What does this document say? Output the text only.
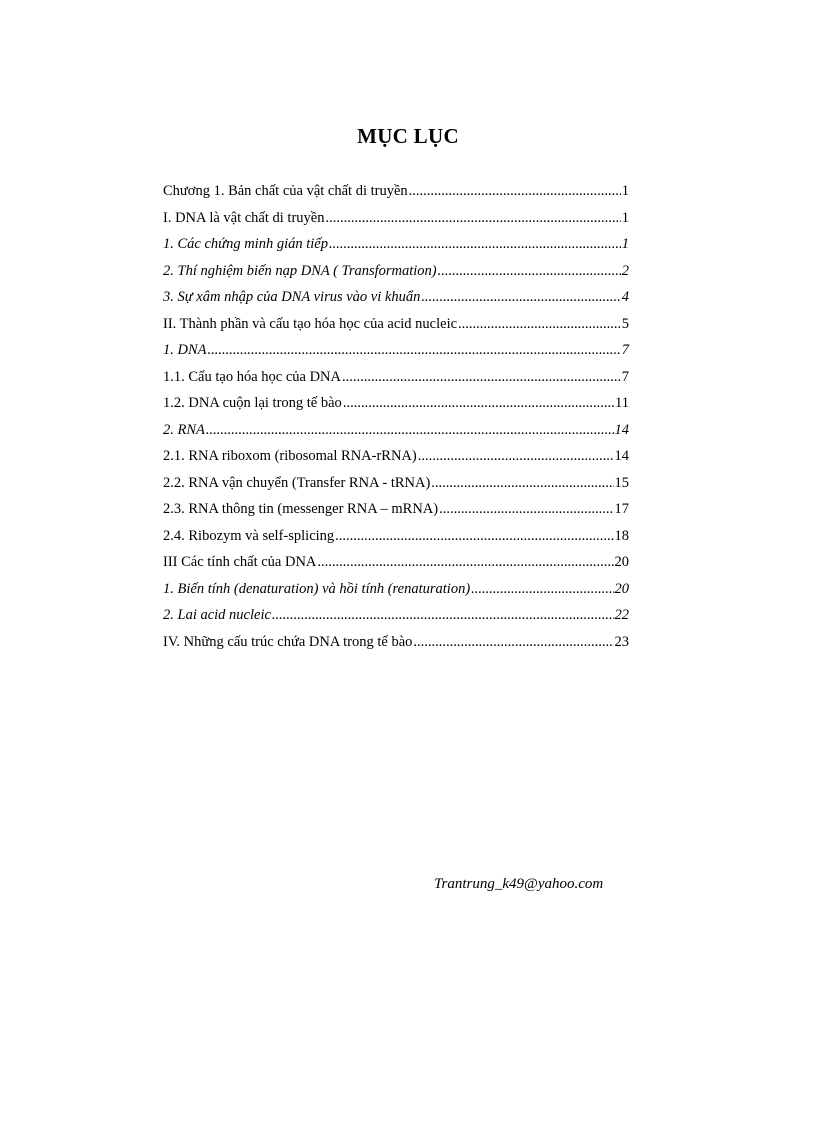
MỤC LỤC
Chương 1. Bản chất của vật chất di truyền .....	1
I. DNA là vật chất di truyền .....	1
1. Các chứng minh gián tiếp .....	1
2. Thí nghiệm biến nạp DNA ( Transformation) .....	2
3. Sự xâm nhập của DNA virus vào vi khuẩn .....	4
II. Thành phần và cấu tạo hóa học của acid nucleic .....	5
1. DNA .....	7
1.1. Cấu tạo hóa học của DNA .....	7
1.2. DNA cuộn lại trong tế bào .....	11
2. RNA .....	14
2.1. RNA riboxom (ribosomal RNA-rRNA) .....	14
2.2. RNA vận chuyển (Transfer RNA - tRNA) .....	15
2.3. RNA thông tin (messenger RNA – mRNA) .....	17
2.4. Ribozym và self-splicing .....	18
III Các tính chất của DNA .....	20
1. Biến tính (denaturation) và hồi tính (renaturation) .....	20
2. Lai acid nucleic .....	22
IV. Những cấu trúc chứa DNA trong tế bào .....	23
Trantrung_k49@yahoo.com
